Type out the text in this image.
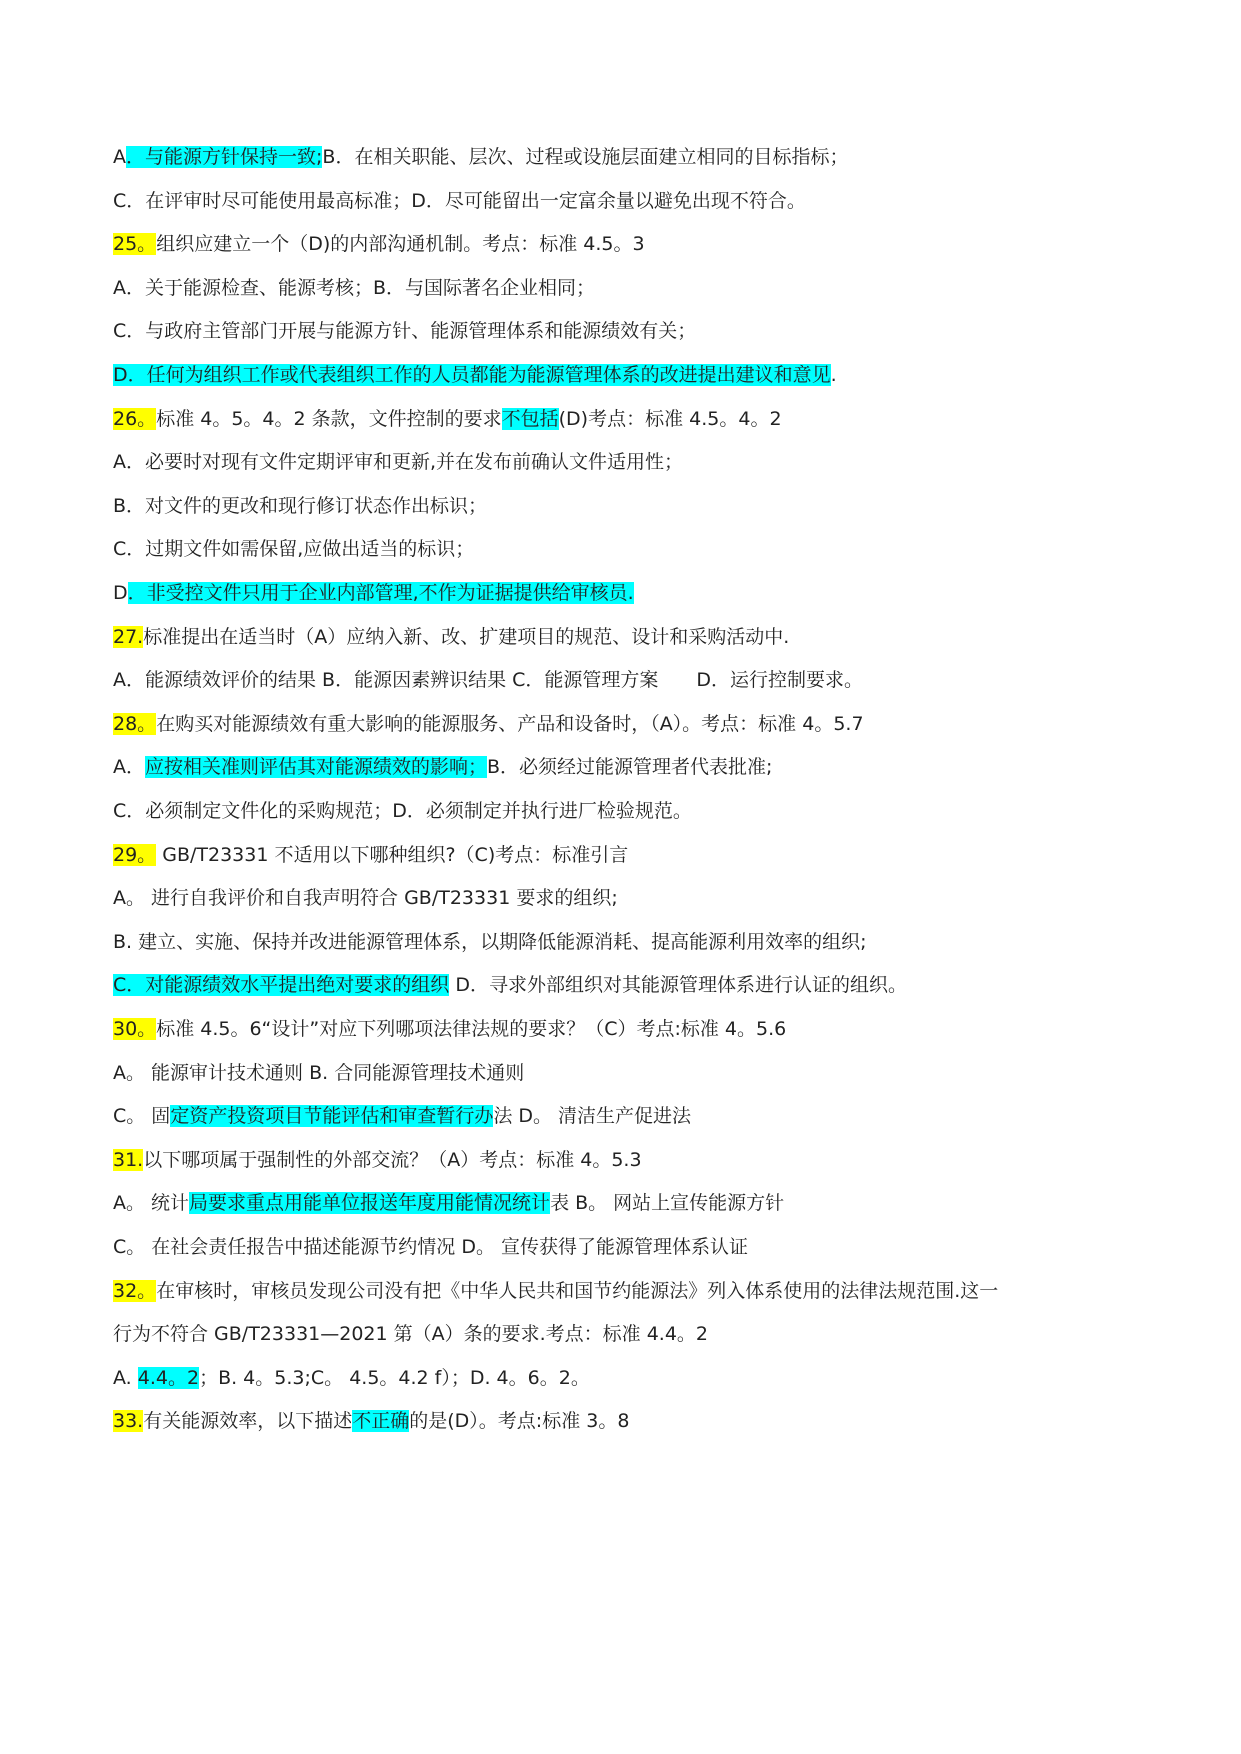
A．与能源方针保持一致;B．在相关职能、层次、过程或设施层面建立相同的目标指标；
C．在评审时尽可能使用最高标准；D．尽可能留出一定富余量以避免出现不符合。
25。组织应建立一个（D)的内部沟通机制。考点：标准 4.5。3
A．关于能源检查、能源考核；B．与国际著名企业相同；
C．与政府主管部门开展与能源方针、能源管理体系和能源绩效有关；
D．任何为组织工作或代表组织工作的人员都能为能源管理体系的改进提出建议和意见.
26。标准 4。5。4。2 条款，文件控制的要求不包括(D)考点：标准 4.5。4。2
A．必要时对现有文件定期评审和更新,并在发布前确认文件适用性；
B．对文件的更改和现行修订状态作出标识；
C．过期文件如需保留,应做出适当的标识；
D．非受控文件只用于企业内部管理,不作为证据提供给审核员.
27.标准提出在适当时（A）应纳入新、改、扩建项目的规范、设计和采购活动中.
A．能源绩效评价的结果 B．能源因素辨识结果 C．能源管理方案　　D．运行控制要求。
28。在购买对能源绩效有重大影响的能源服务、产品和设备时，（A）。考点：标准 4。5.7
A．应按相关准则评估其对能源绩效的影响；B．必须经过能源管理者代表批准;
C．必须制定文件化的采购规范；D．必须制定并执行进厂检验规范。
29。 GB/T23331 不适用以下哪种组织?（C)考点：标准引言
A。 进行自我评价和自我声明符合 GB/T23331 要求的组织;
B. 建立、实施、保持并改进能源管理体系，以期降低能源消耗、提高能源利用效率的组织;
C．对能源绩效水平提出绝对要求的组织 D．寻求外部组织对其能源管理体系进行认证的组织。
30。标准 4.5。6“设计”对应下列哪项法律法规的要求？（C）考点:标准 4。5.6
A。 能源审计技术通则 B. 合同能源管理技术通则
C。 固定资产投资项目节能评估和审查暂行办法 D。 清洁生产促进法
31.以下哪项属于强制性的外部交流？（A）考点：标准 4。5.3
A。 统计局要求重点用能单位报送年度用能情况统计表 B。 网站上宣传能源方针
C。 在社会责任报告中描述能源节约情况 D。 宣传获得了能源管理体系认证
32。在审核时，审核员发现公司没有把《中华人民共和国节约能源法》列入体系使用的法律法规范围.这一
行为不符合 GB/T23331—2021 第（A）条的要求.考点：标准 4.4。2
A. 4.4。2；B. 4。5.3;C。 4.5。4.2 f）；D. 4。6。2。
33.有关能源效率，以下描述不正确的是(D）。考点:标准 3。8
